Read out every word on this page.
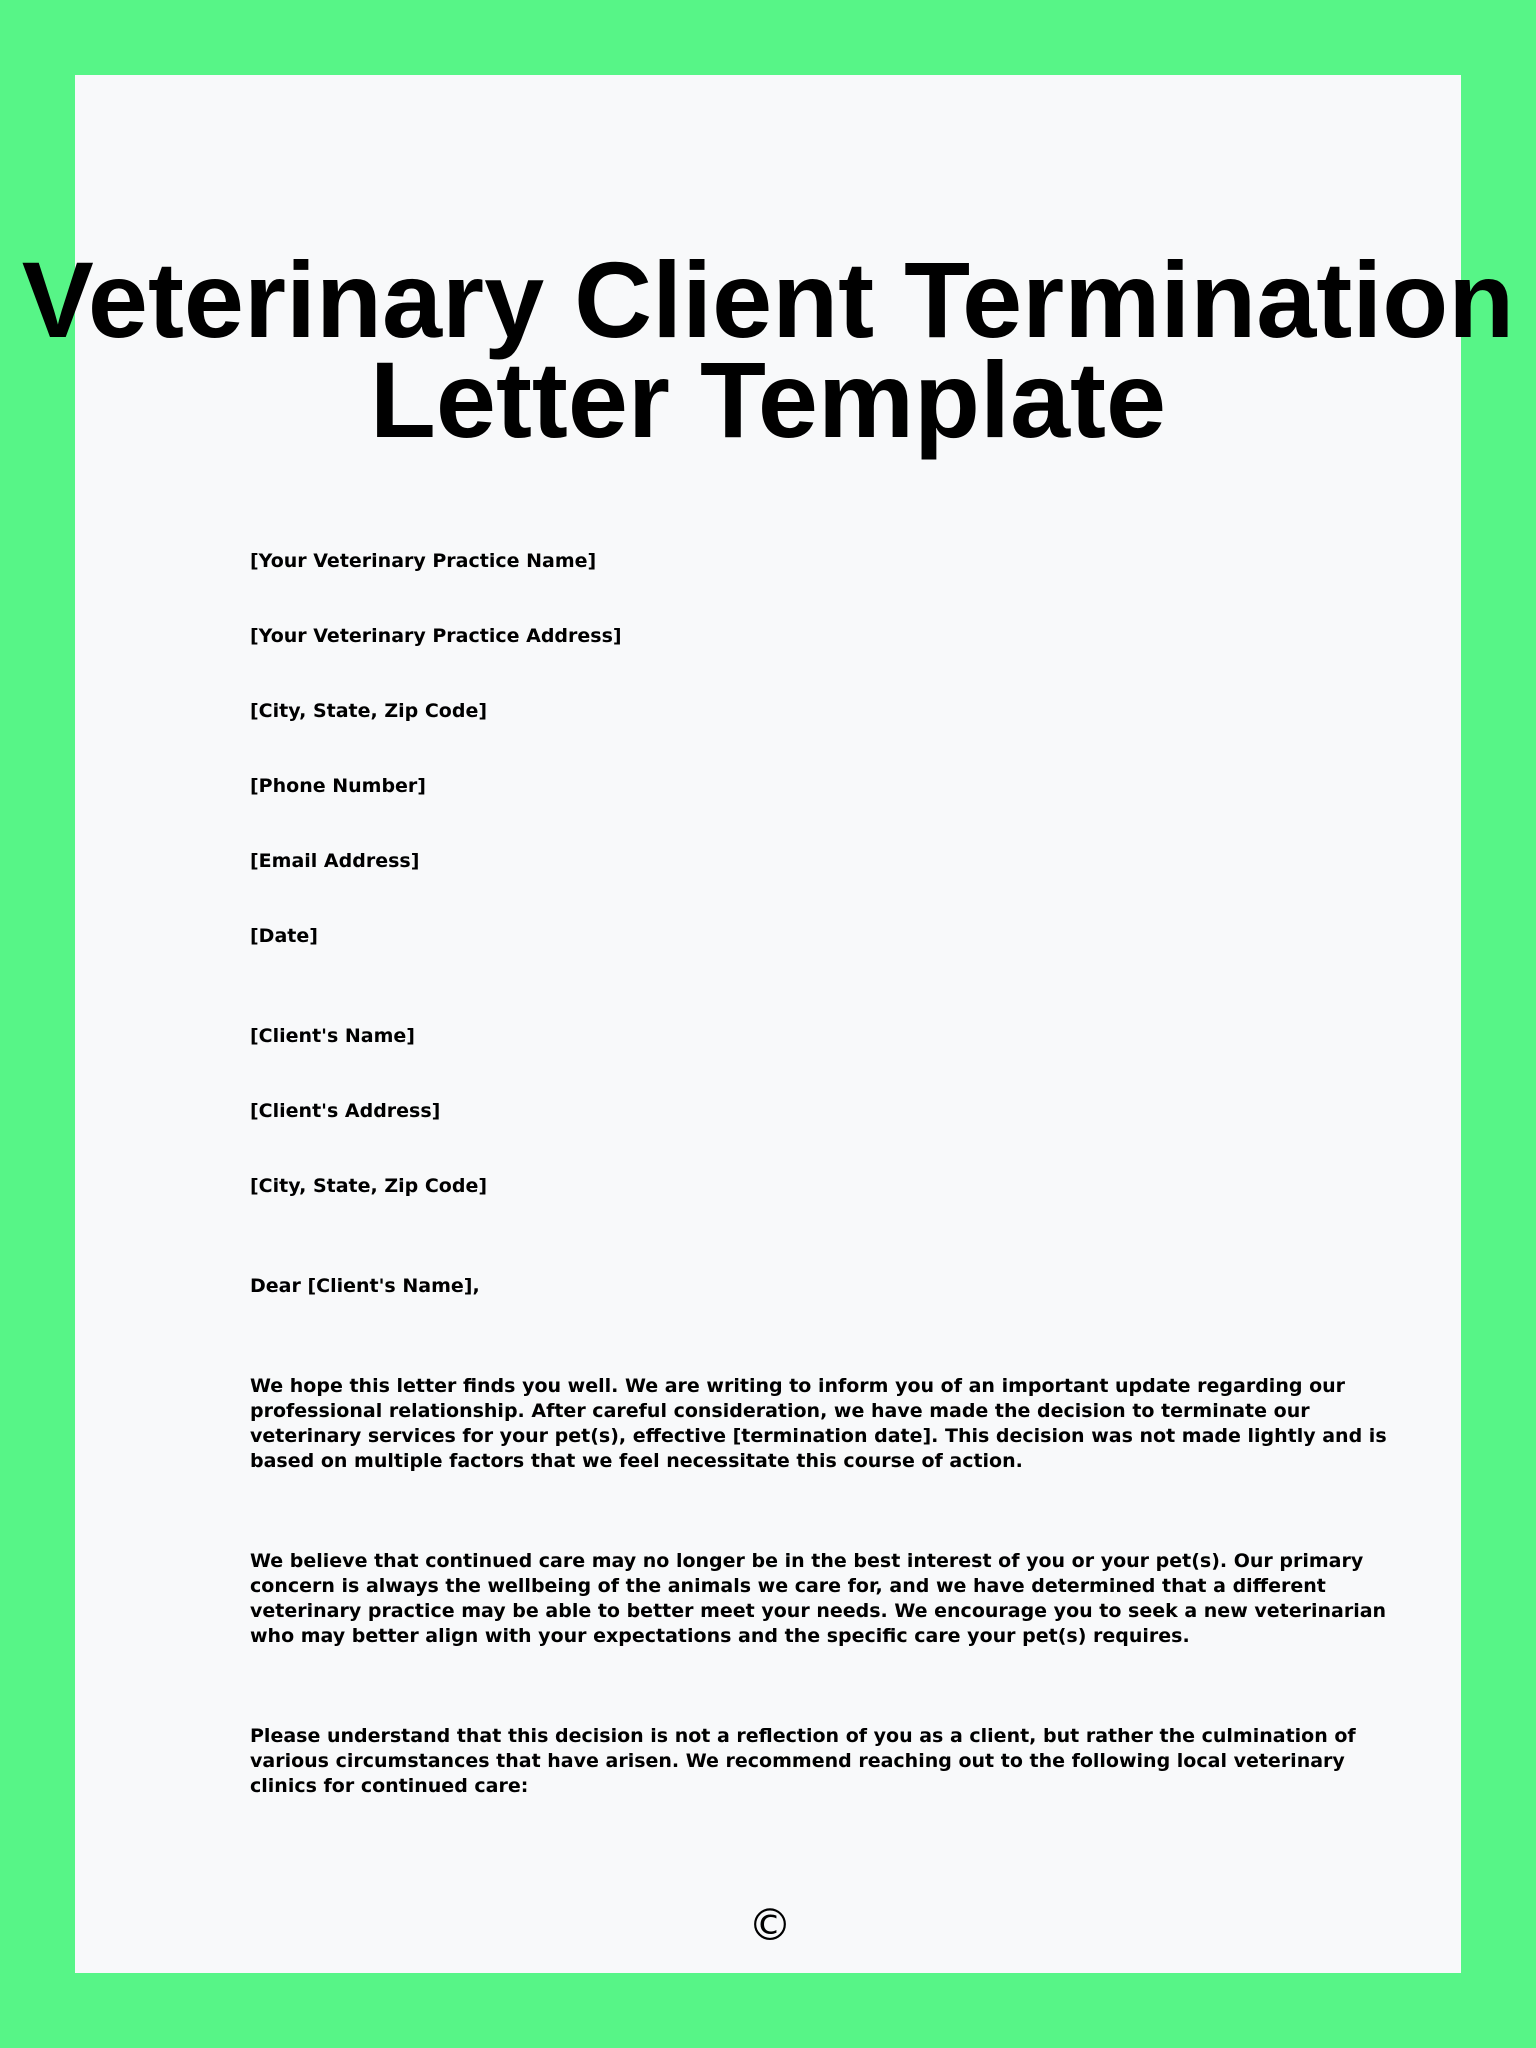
Veterinary Client Termination
Letter Template

[Your Veterinary Practice Name]

[Your Veterinary Practice Address]

[City, State, Zip Code]

[Phone Number]

[Email Address]

[Date]

[Client's Name]

[Client's Address]

[City, State, Zip Code]

Dear [Client's Name],

We hope this letter finds you well. We are writing to inform you of an important update regarding our
professional relationship. After careful consideration, we have made the decision to terminate our
veterinary services for your pet(s), effective [termination date]. This decision was not made lightly and is
based on multiple factors that we feel necessitate this course of action.
We believe that continued care may no longer be in the best interest of you or your pet(s). Our primary
concern is always the wellbeing of the animals we care for, and we have determined that a different
veterinary practice may be able to better meet your needs. We encourage you to seek a new veterinarian
who may better align with your expectations and the specific care your pet(s) requires.
Please understand that this decision is not a reflection of you as a client, but rather the culmination of
various circumstances that have arisen. We recommend reaching out to the following local veterinary
clinics for continued care:
©
